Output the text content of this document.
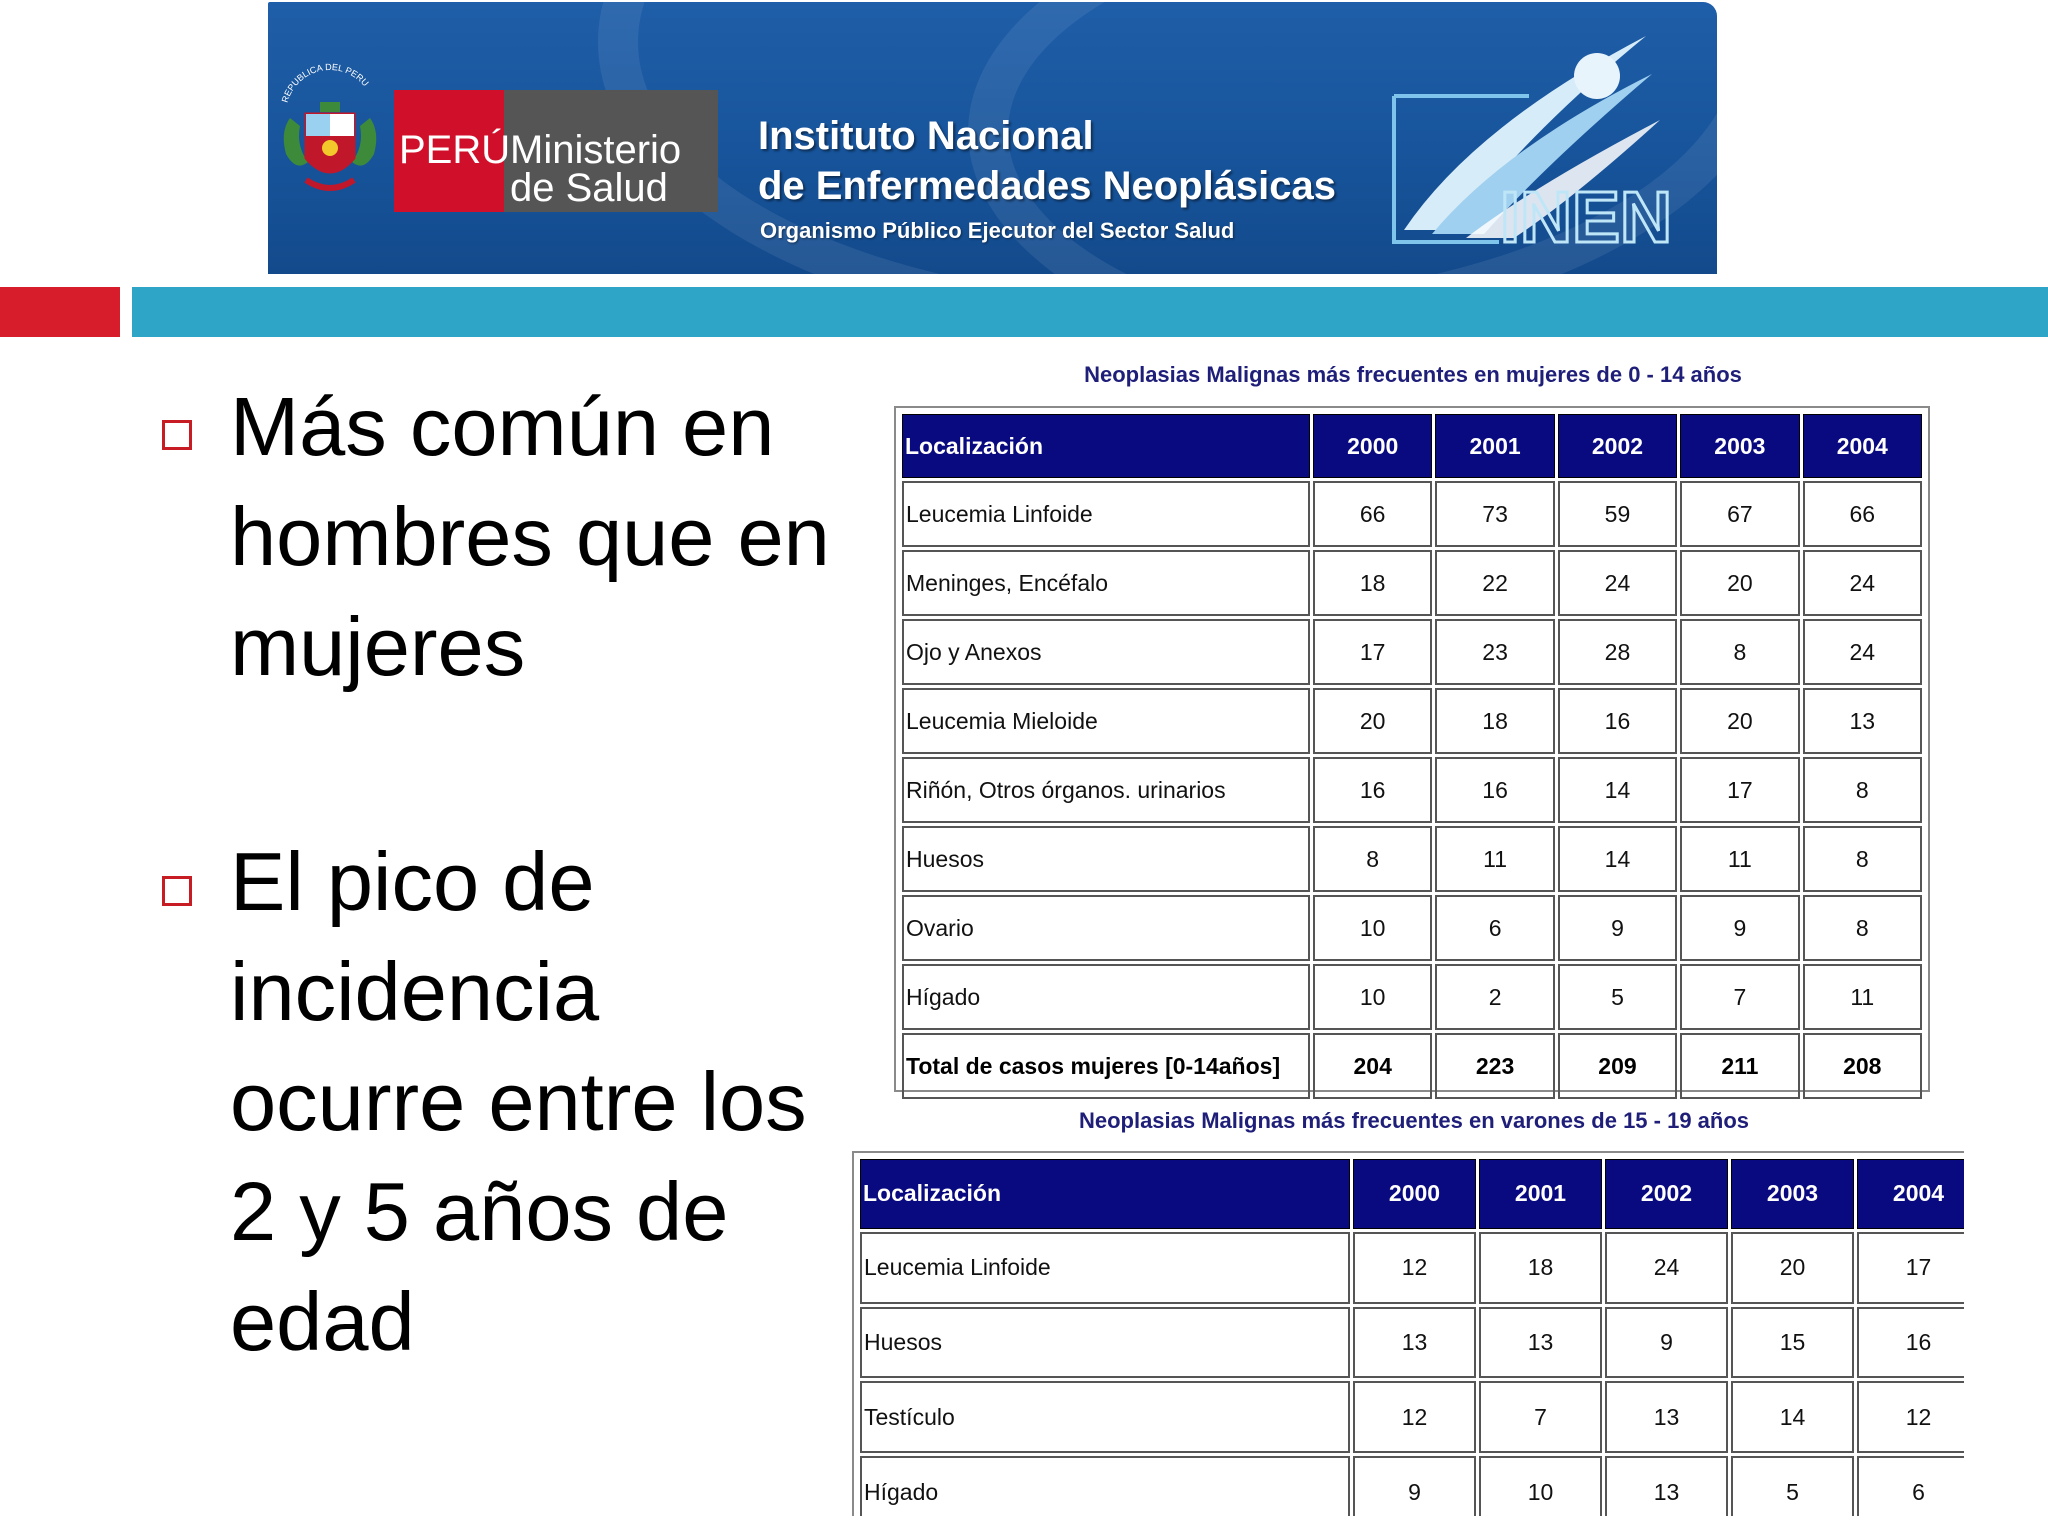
REPUBLICA DEL PERU
PERÚ Ministerio
de Salud
Instituto Nacional
de Enfermedades Neoplásicas
Organismo Público Ejecutor del Sector Salud	INEN
Más común en hombres que en mujeres
El pico de incidencia ocurre entre los 2 y 5 años de edad
Neoplasias Malignas más frecuentes en mujeres de 0 - 14 años
Localización	2000	2001	2002	2003	2004
Leucemia Linfoide	66	73	59	67	66
Meninges, Encéfalo	18	22	24	20	24
Ojo y Anexos	17	23	28	8	24
Leucemia Mieloide	20	18	16	20	13
Riñón, Otros órganos. urinarios	16	16	14	17	8
Huesos	8	11	14	11	8
Ovario	10	6	9	9	8
Hígado	10	2	5	7	11
Total de casos mujeres [0-14años]	204	223	209	211	208
Neoplasias Malignas más frecuentes en varones de 15 - 19 años
Localización	2000	2001	2002	2003	2004
Leucemia Linfoide	12	18	24	20	17
Huesos	13	13	9	15	16
Testículo	12	7	13	14	12
Hígado	9	10	13	5	6
